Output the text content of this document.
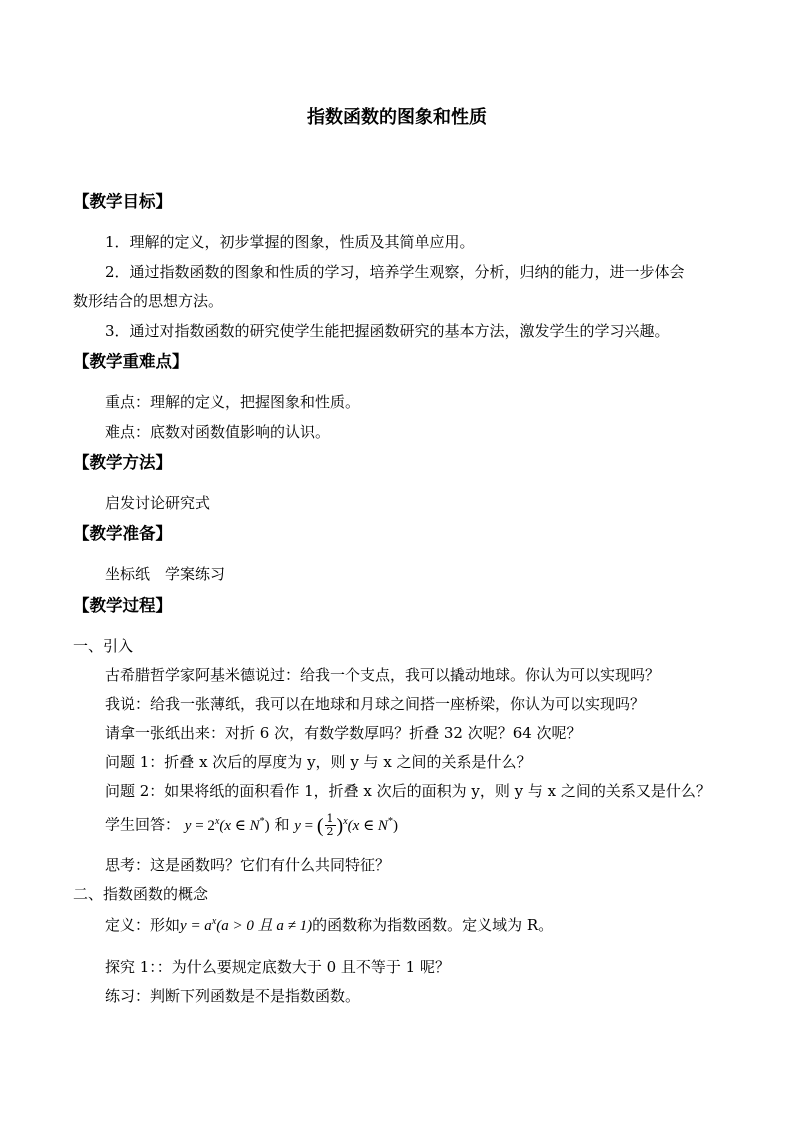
指数函数的图象和性质
【教学目标】
1．理解的定义，初步掌握的图象，性质及其简单应用。
2．通过指数函数的图象和性质的学习，培养学生观察，分析，归纳的能力，进一步体会
数形结合的思想方法。
3．通过对指数函数的研究使学生能把握函数研究的基本方法，激发学生的学习兴趣。
【教学重难点】
重点：理解的定义，把握图象和性质。
难点：底数对函数值影响的认识。
【教学方法】
启发讨论研究式
【教学准备】
坐标纸　学案练习
【教学过程】
一、引入
古希腊哲学家阿基米德说过：给我一个支点，我可以撬动地球。你认为可以实现吗？
我说：给我一张薄纸，我可以在地球和月球之间搭一座桥梁，你认为可以实现吗？
请拿一张纸出来：对折 6 次，有数学数厚吗？折叠 32 次呢？64 次呢？
问题 1：折叠 x 次后的厚度为 y，则 y 与 x 之间的关系是什么？
问题 2：如果将纸的面积看作 1，折叠 x 次后的面积为 y，则 y 与 x 之间的关系又是什么？
学生回答： $y = 2^x(x$ ∈ N*) 和 y = ( $\frac{1}{2} )^x(x$ ∈ N*)
思考：这是函数吗？它们有什么共同特征？
二、指数函数的概念
定义：形如$y = a^x(a > 0$ 且 a ≠ 1)的函数称为指数函数。定义域为 R。
探究 1：：为什么要规定底数大于 0 且不等于 1 呢？
练习：判断下列函数是不是指数函数。
